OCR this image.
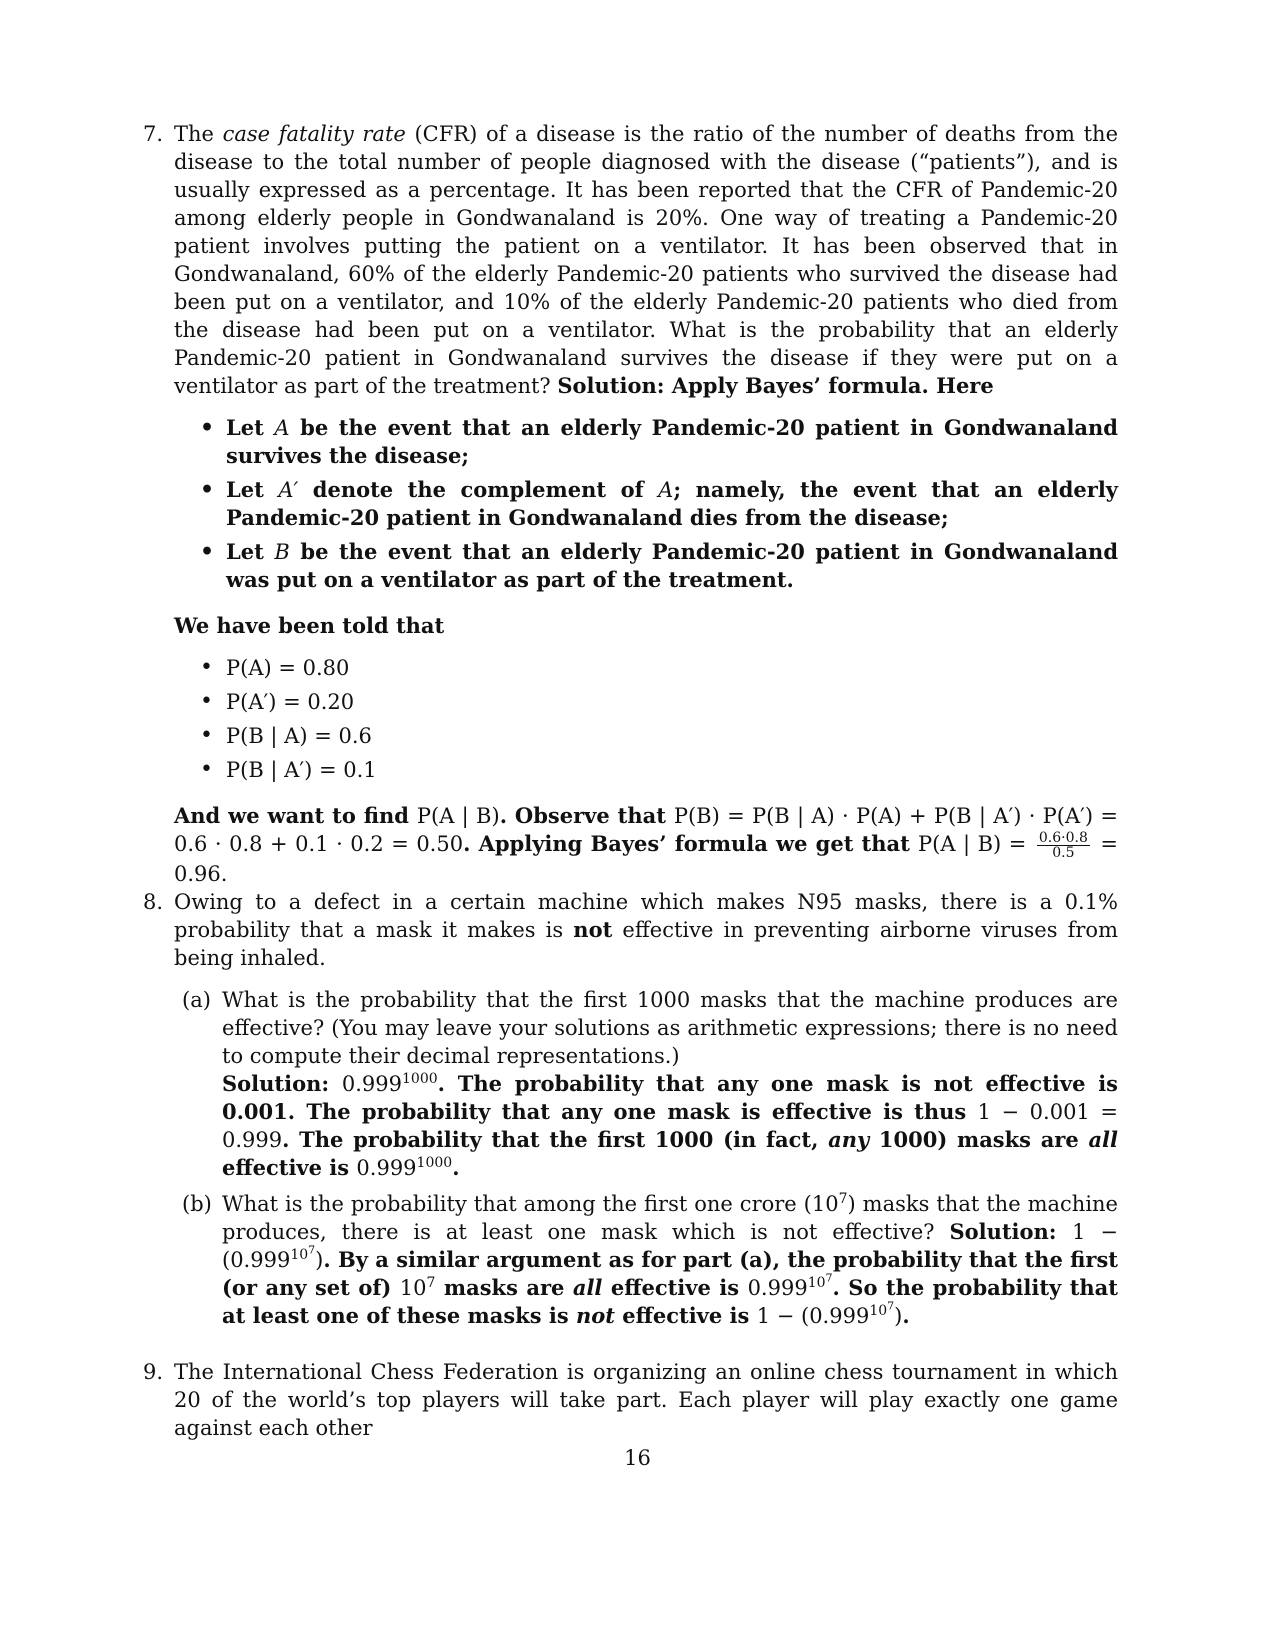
7. The case fatality rate (CFR) of a disease is the ratio of the number of deaths from the disease to the total number of people diagnosed with the disease (“patients”), and is usually expressed as a percentage. It has been reported that the CFR of Pandemic-20 among elderly people in Gondwanaland is 20%. One way of treating a Pandemic-20 patient involves putting the patient on a ventilator. It has been observed that in Gondwanaland, 60% of the elderly Pandemic-20 patients who survived the disease had been put on a ventilator, and 10% of the elderly Pandemic-20 patients who died from the disease had been put on a ventilator. What is the probability that an elderly Pandemic-20 patient in Gondwanaland survives the disease if they were put on a ventilator as part of the treatment? Solution: Apply Bayes’ formula. Here

• Let A be the event that an elderly Pandemic-20 patient in Gondwanaland survives the disease;
• Let A′ denote the complement of A; namely, the event that an elderly Pandemic-20 patient in Gondwanaland dies from the disease;
• Let B be the event that an elderly Pandemic-20 patient in Gondwanaland was put on a ventilator as part of the treatment.

We have been told that

• P(A) = 0.80
• P(A′) = 0.20
• P(B | A) = 0.6
• P(B | A′) = 0.1

And we want to find P(A | B). Observe that P(B) = P(B | A) · P(A) + P(B | A′) · P(A′) = 0.6 · 0.8 + 0.1 · 0.2 = 0.50. Applying Bayes’ formula we get that P(A | $B) = \frac{0.6\cdot 0.8}{0.5} = 0.96$.

8. Owing to a defect in a certain machine which makes N95 masks, there is a 0.1% probability that a mask it makes is not effective in preventing airborne viruses from being inhaled.

(a) What is the probability that the first 1000 masks that the machine produces are effective? (You may leave your solutions as arithmetic expressions; there is no need to compute their decimal representations.)
Solution: $0.999^{1000}$. The probability that any one mask is not effective is 0.001. The probability that any one mask is effective is thus 1 − 0.001 = 0.999. The probability that the first 1000 (in fact, any 1000) masks are all effective is $0.999^{1000}$.
(b) What is the probability that among the first one crore $(10^7)$ masks that the machine produces, there is at least one mask which is not effective? Solution: $1 - (0.999^{10^7})$. By a similar argument as for part (a), the probability that the first (or any set of) $10^7$ masks are all effective is 0.999$^{10^7}$. So the probability that at least one of these masks is not effective is $1 - (0.999^{10^7})$.
9. The International Chess Federation is organizing an online chess tournament in which 20 of the world’s top players will take part. Each player will play exactly one game against each other

16
